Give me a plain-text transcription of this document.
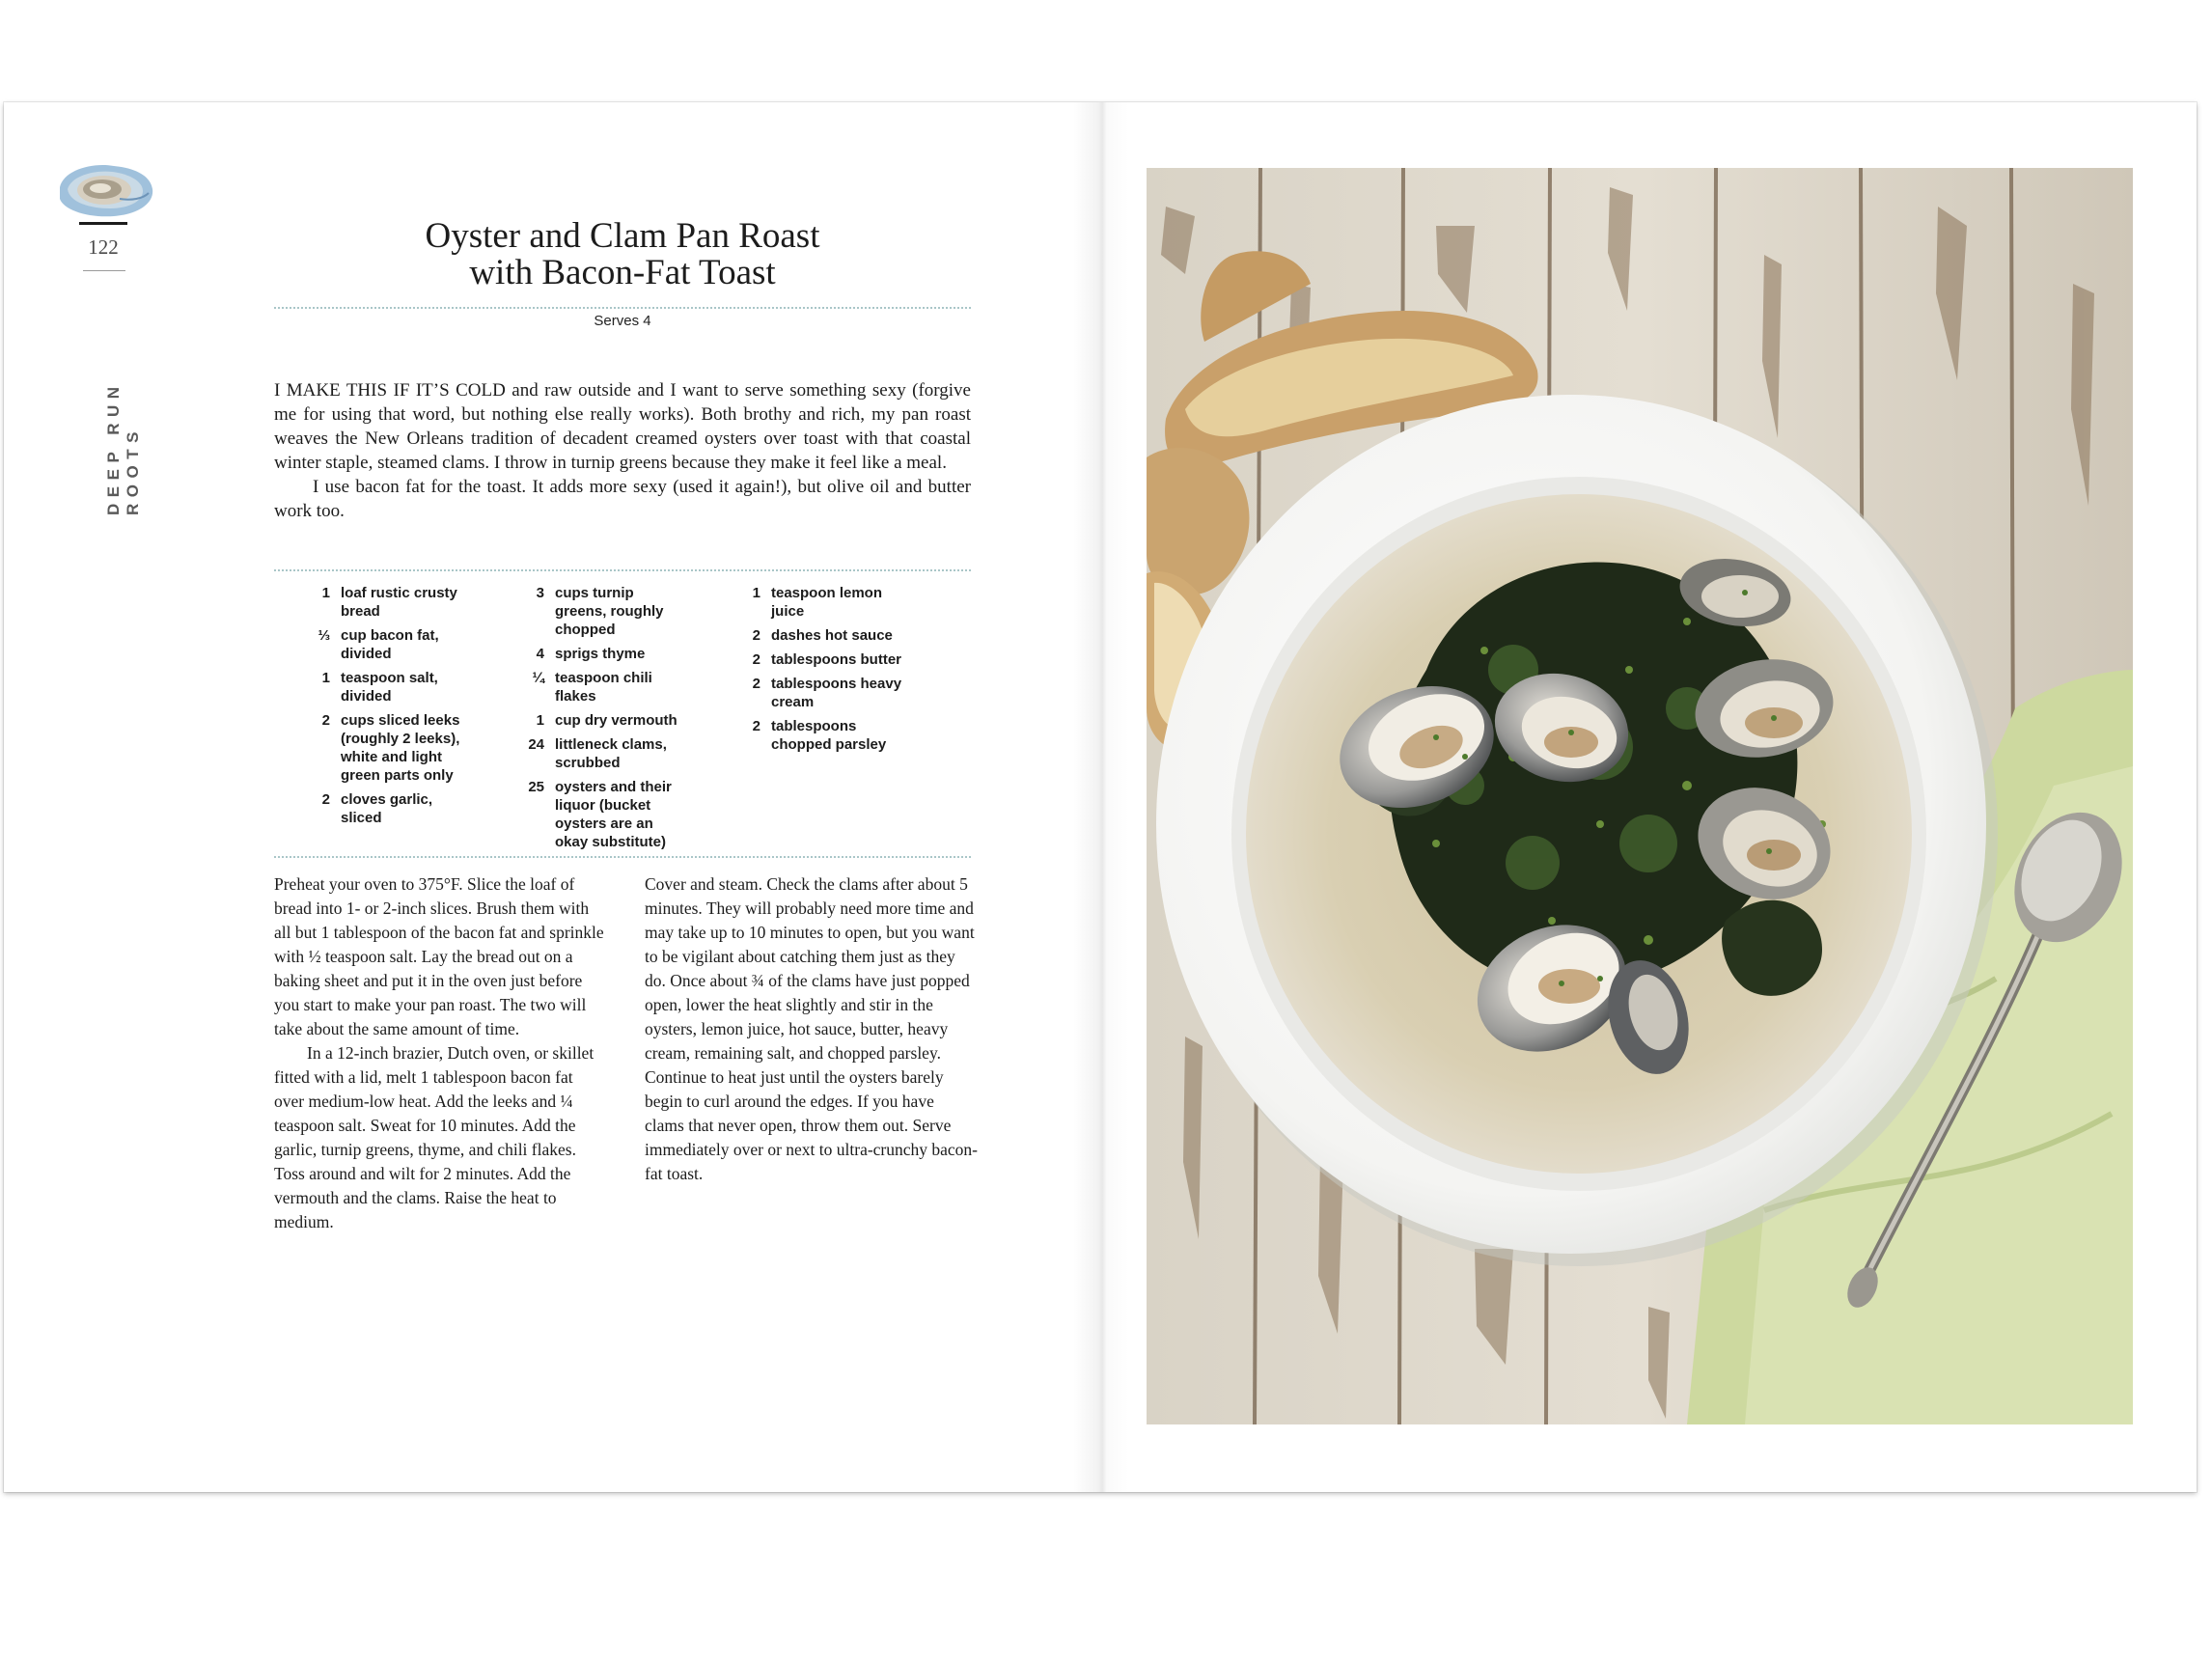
122
DEEP RUN ROOTS
Oyster and Clam Pan Roast
with Bacon-Fat Toast
Serves 4

I MAKE THIS IF IT’S COLD and raw outside and I want to serve something sexy (forgive me for using that word, but nothing else really works). Both brothy and rich, my pan roast weaves the New Orleans tradition of decadent creamed oysters over toast with that coastal winter staple, steamed clams. I throw in turnip greens because they make it feel like a meal.

I use bacon fat for the toast. It adds more sexy (used it again!), but olive oil and butter work too.

1 loaf rustic crusty bread
⅓ cup bacon fat, divided
1 teaspoon salt, divided
2 cups sliced leeks (roughly 2 leeks), white and light green parts only
2 cloves garlic, sliced
3 cups turnip greens, roughly chopped
4 sprigs thyme
¼ teaspoon chili flakes
1 cup dry vermouth
24 littleneck clams, scrubbed
25 oysters and their liquor (bucket oysters are an okay substitute)
1 teaspoon lemon juice
2 dashes hot sauce
2 tablespoons butter
2 tablespoons heavy cream
2 tablespoons chopped parsley

Preheat your oven to 375°F. Slice the loaf of bread into 1- or 2-inch slices. Brush them with all but 1 tablespoon of the bacon fat and sprinkle with ½ teaspoon salt. Lay the bread out on a baking sheet and put it in the oven just before you start to make your pan roast. The two will take about the same amount of time.

In a 12-inch brazier, Dutch oven, or skillet fitted with a lid, melt 1 tablespoon bacon fat over medium-low heat. Add the leeks and ¼ teaspoon salt. Sweat for 10 minutes. Add the garlic, turnip greens, thyme, and chili flakes. Toss around and wilt for 2 minutes. Add the vermouth and the clams. Raise the heat to medium.

Cover and steam. Check the clams after about 5 minutes. They will probably need more time and may take up to 10 minutes to open, but you want to be vigilant about catching them just as they do. Once about ¾ of the clams have just popped open, lower the heat slightly and stir in the oysters, lemon juice, hot sauce, butter, heavy cream, remaining salt, and chopped parsley. Continue to heat just until the oysters barely begin to curl around the edges. If you have clams that never open, throw them out. Serve immediately over or next to ultra-crunchy bacon-fat toast.
